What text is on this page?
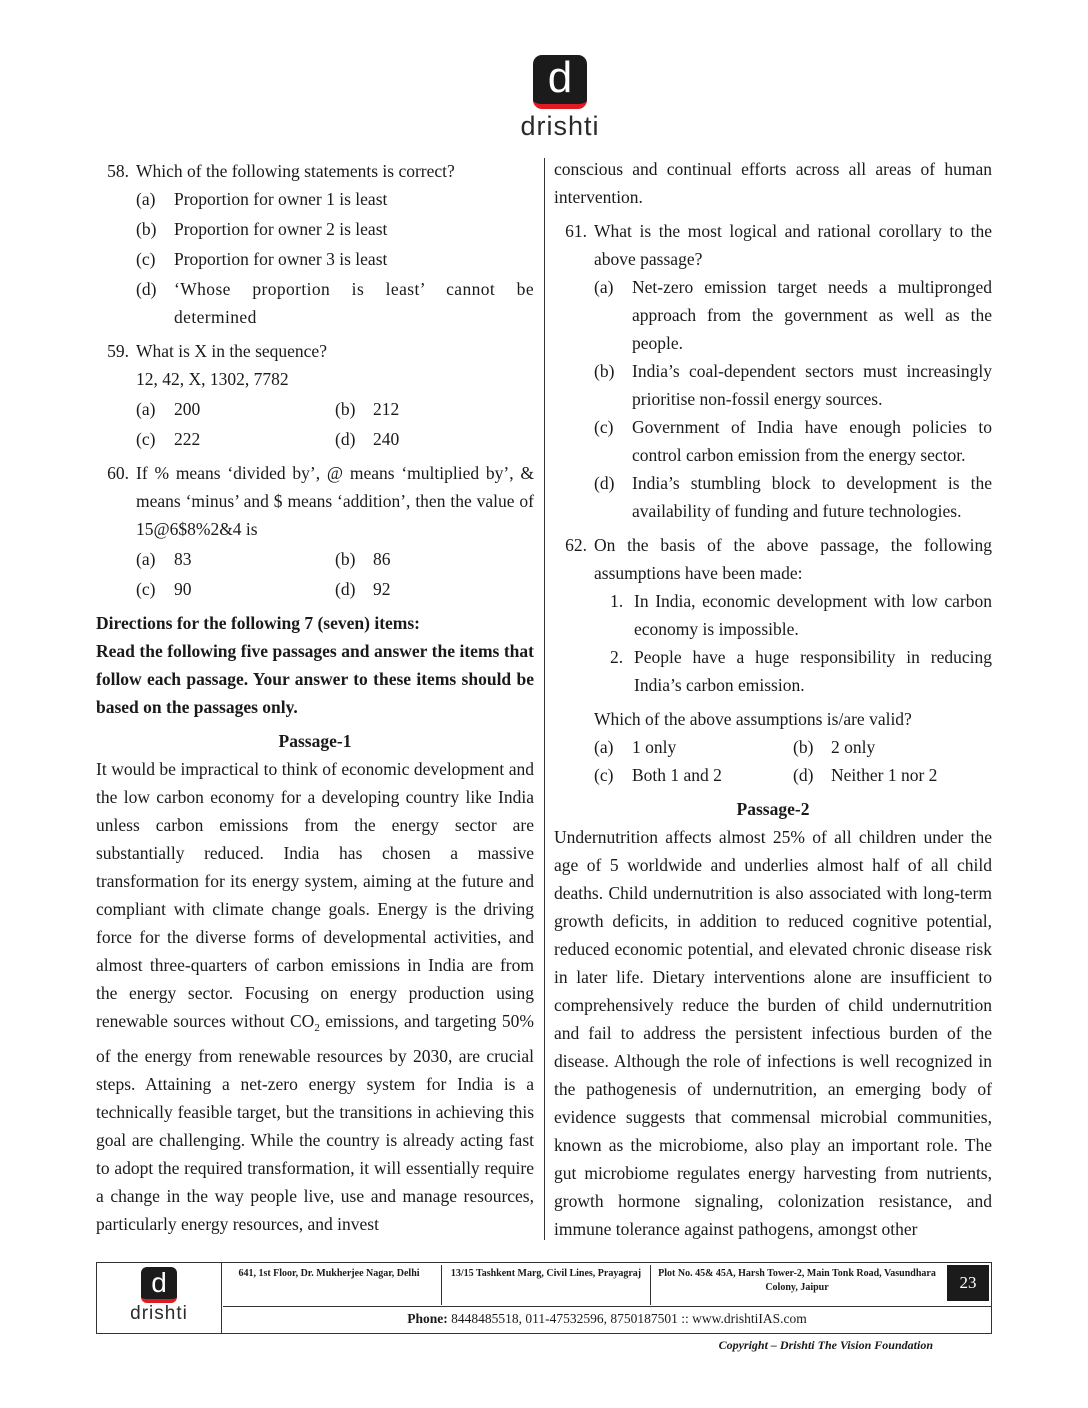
d
drishti
58. Which of the following statements is correct?
(a)	Proportion for owner 1 is least
(b)	Proportion for owner 2 is least
(c)	Proportion for owner 3 is least
(d)	‘Whose proportion is least’ cannot be determined
59. What is X in the sequence?
12, 42, X, 1302, 7782
(a)	200	(b)	212
(c)	222	(d)	240
60. If % means ‘divided by’, @ means ‘multiplied by’, & means ‘minus’ and $ means ‘addition’, then the value of 15@6$8%2&4 is
(a)	83	(b)	86
(c)	90	(d)	92
Directions for the following 7 (seven) items:
Read the following five passages and answer the items that follow each passage. Your answer to these items should be based on the passages only.
Passage-1
It would be impractical to think of economic development and the low carbon economy for a developing country like India unless carbon emissions from the energy sector are substantially reduced. India has chosen a massive transformation for its energy system, aiming at the future and compliant with climate change goals. Energy is the driving force for the diverse forms of developmental activities, and almost three-quarters of carbon emissions in India are from the energy sector. Focusing on energy production using renewable sources without $CO_2$ emissions, and targeting 50% of the energy from renewable resources by 2030, are crucial steps. Attaining a net-zero energy system for India is a technically feasible target, but the transitions in achieving this goal are challenging. While the country is already acting fast to adopt the required transformation, it will essentially require a change in the way people live, use and manage resources, particularly energy resources, and invest
conscious and continual efforts across all areas of human intervention.
61. What is the most logical and rational corollary to the above passage?
(a)	Net-zero emission target needs a multipronged approach from the government as well as the people.
(b)	India’s coal-dependent sectors must increasingly prioritise non-fossil energy sources.
(c)	Government of India have enough policies to control carbon emission from the energy sector.
(d)	India’s stumbling block to development is the availability of funding and future technologies.
62. On the basis of the above passage, the following assumptions have been made:
1. In India, economic development with low carbon economy is impossible.
2. People have a huge responsibility in reducing India’s carbon emission.
Which of the above assumptions is/are valid?
(a)	1 only	(b)	2 only
(c)	Both 1 and 2	(d)	Neither 1 nor 2
Passage-2
Undernutrition affects almost 25% of all children under the age of 5 worldwide and underlies almost half of all child deaths. Child undernutrition is also associated with long-term growth deficits, in addition to reduced cognitive potential, reduced economic potential, and elevated chronic disease risk in later life. Dietary interventions alone are insufficient to comprehensively reduce the burden of child undernutrition and fail to address the persistent infectious burden of the disease. Although the role of infections is well recognized in the pathogenesis of undernutrition, an emerging body of evidence suggests that commensal microbial communities, known as the microbiome, also play an important role. The gut microbiome regulates energy harvesting from nutrients, growth hormone signaling, colonization resistance, and immune tolerance against pathogens, amongst other
d
drishti
641, 1st Floor, Dr. Mukherjee Nagar, Delhi	13/15 Tashkent Marg, Civil Lines, Prayagraj	Plot No. 45& 45A, Harsh Tower-2, Main Tonk Road, Vasundhara Colony, Jaipur	23
Phone: 8448485518, 011-47532596, 8750187501 :: www.drishtiIAS.com
Copyright – Drishti The Vision Foundation
